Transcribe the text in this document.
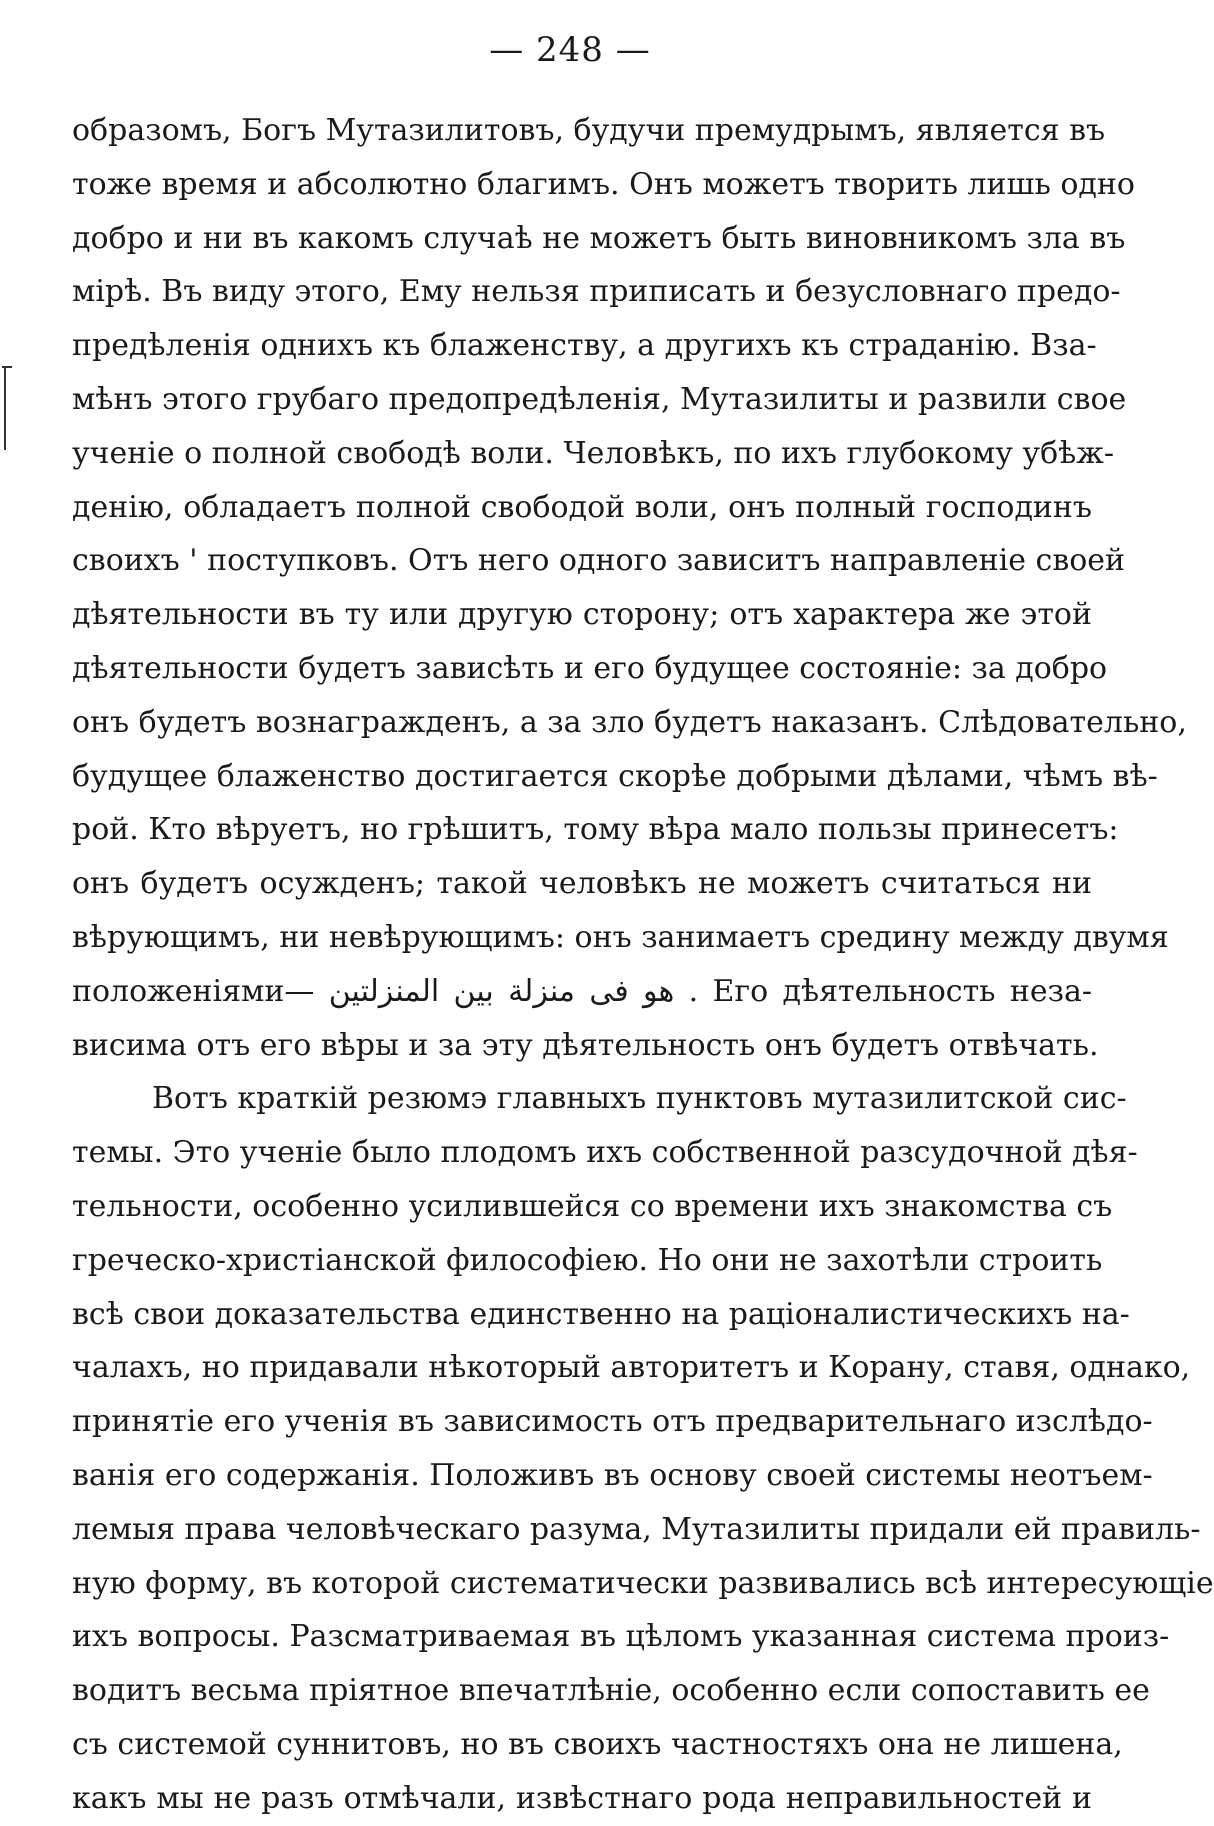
— 248 —
образомъ, Богъ Мутазилитовъ, будучи премудрымъ, является въ
тоже время и абсолютно благимъ. Онъ можетъ творить лишь одно
добро и ни въ какомъ случаѣ не можетъ быть виновникомъ зла въ
мірѣ. Въ виду этого, Ему нельзя приписать и безусловнаго предо-
предѣленія однихъ къ блаженству, а другихъ къ страданію. Вза-
мѣнъ этого грубаго предопредѣленія, Мутазилиты и развили свое
ученіе о полной свободѣ воли. Человѣкъ, по ихъ глубокому убѣж-
денію, обладаетъ полной свободой воли, онъ полный господинъ
своихъ ' поступковъ. Отъ него одного зависитъ направленіе своей
дѣятельности въ ту или другую сторону; отъ характера же этой
дѣятельности будетъ зависѣть и его будущее состояніе: за добро
онъ будетъ вознагражденъ, а за зло будетъ наказанъ. Слѣдовательно,
будущее блаженство достигается скорѣе добрыми дѣлами, чѣмъ вѣ-
рой. Кто вѣруетъ, но грѣшитъ, тому вѣра мало пользы принесетъ:
онъ будетъ осужденъ; такой человѣкъ не можетъ считаться ни
вѣрующимъ, ни невѣрующимъ: онъ занимаетъ средину между двумя
положеніями— هو فى منزلة بين المنزلتين . Его дѣятельность неза-
висима отъ его вѣры и за эту дѣятельность онъ будетъ отвѣчать.
Вотъ краткій резюмэ главныхъ пунктовъ мутазилитской сис-
темы. Это ученіе было плодомъ ихъ собственной разсудочной дѣя-
тельности, особенно усилившейся со времени ихъ знакомства съ
греческо-христіанской философіею. Но они не захотѣли строить
всѣ свои доказательства единственно на раціоналистическихъ на-
чалахъ, но придавали нѣкоторый авторитетъ и Корану, ставя, однако,
принятіе его ученія въ зависимость отъ предварительнаго изслѣдо-
ванія его содержанія. Положивъ въ основу своей системы неотъем-
лемыя права человѣческаго разума, Мутазилиты придали ей правиль-
ную форму, въ которой систематически развивались всѣ интересующіе
ихъ вопросы. Разсматриваемая въ цѣломъ указанная система произ-
водитъ весьма пріятное впечатлѣніе, особенно если сопоставить ее
съ системой суннитовъ, но въ своихъ частностяхъ она не лишена,
какъ мы не разъ отмѣчали, извѣстнаго рода неправильностей и
